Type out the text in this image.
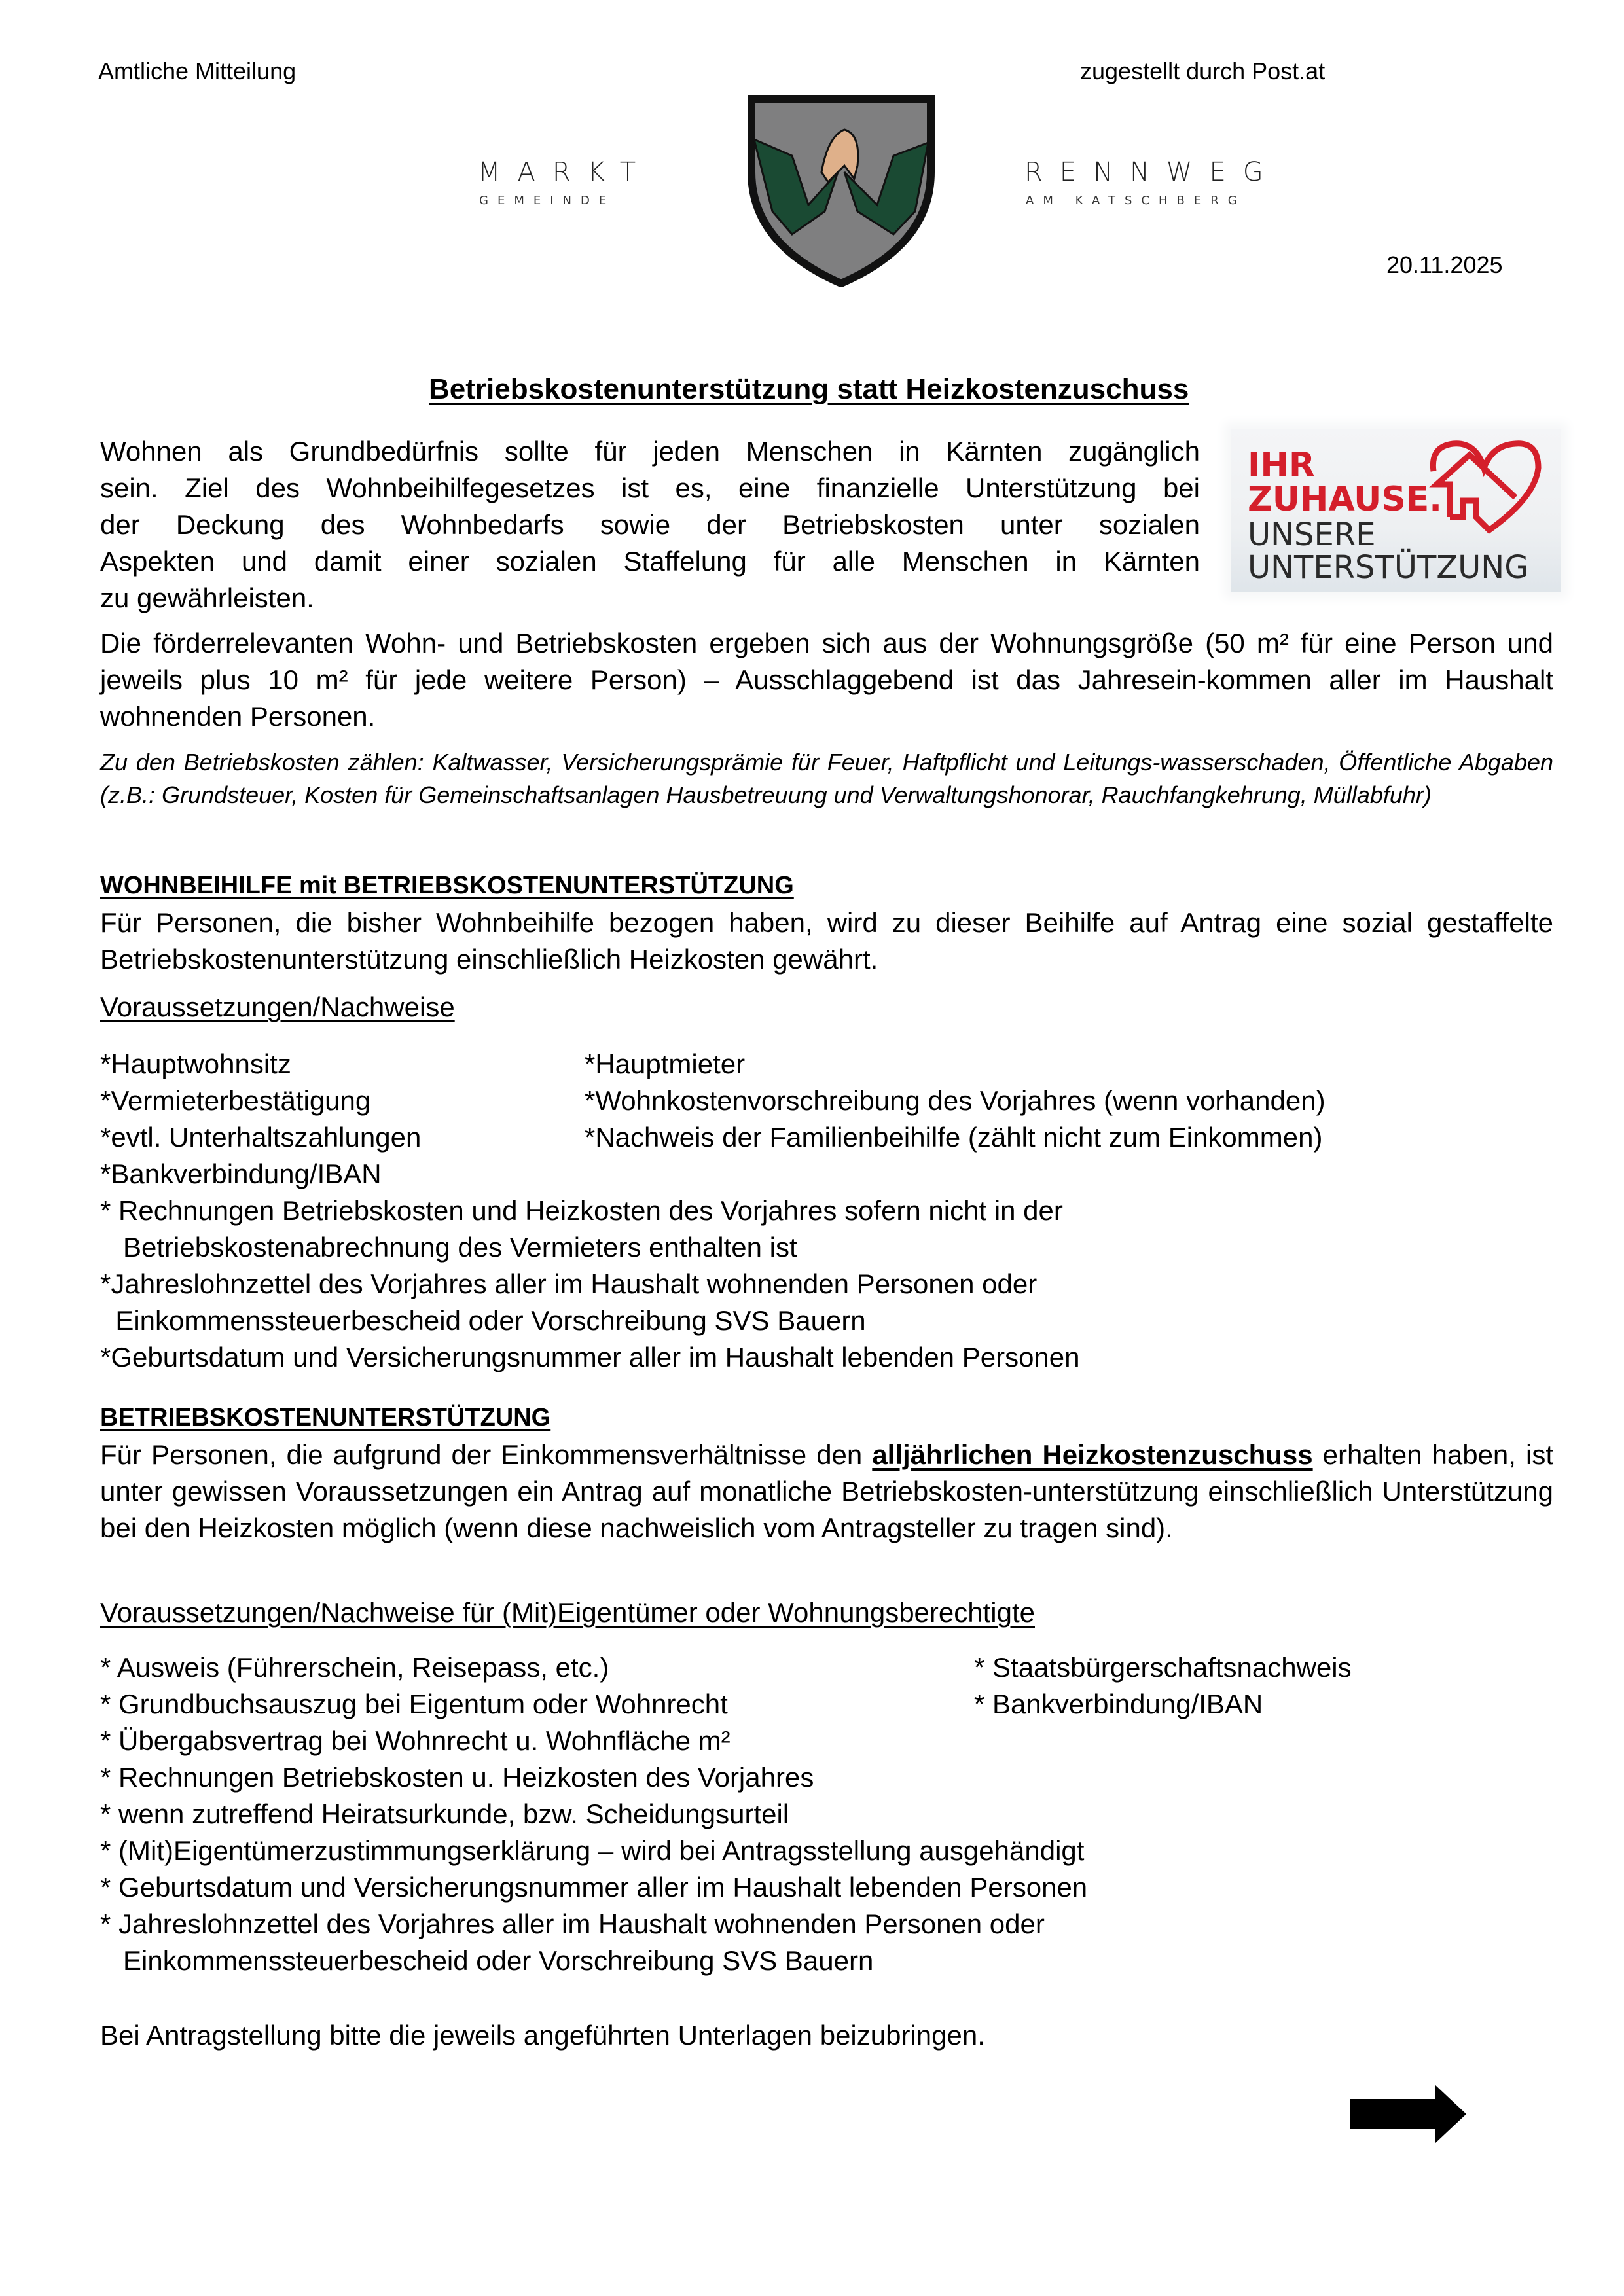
Amtliche Mitteilung	zugestellt durch Post.at
MARKT
GEMEINDE
RENNWEG
AM KATSCHBERG
20.11.2025
Betriebskostenunterstützung statt Heizkostenzuschuss
Wohnen als Grundbedürfnis sollte für jeden Menschen in Kärnten zugänglich
sein. Ziel des Wohnbeihilfegesetzes ist es, eine finanzielle Unterstützung bei
der Deckung des Wohnbedarfs sowie der Betriebskosten unter sozialen
Aspekten und damit einer sozialen Staffelung für alle Menschen in Kärnten
zu gewährleisten.
IHR
ZUHAUSE.
UNSERE
UNTERSTÜTZUNG
Die förderrelevanten Wohn- und Betriebskosten ergeben sich aus der Wohnungsgröße (50 m² für eine Person und jeweils plus 10 m² für jede weitere Person) – Ausschlaggebend ist das Jahresein-kommen aller im Haushalt wohnenden Personen.
Zu den Betriebskosten zählen: Kaltwasser, Versicherungsprämie für Feuer, Haftpflicht und Leitungs-wasserschaden, Öffentliche Abgaben (z.B.: Grundsteuer, Kosten für Gemeinschaftsanlagen Hausbetreuung und Verwaltungshonorar, Rauchfangkehrung, Müllabfuhr)
WOHNBEIHILFE mit BETRIEBSKOSTENUNTERSTÜTZUNG
Für Personen, die bisher Wohnbeihilfe bezogen haben, wird zu dieser Beihilfe auf Antrag eine sozial gestaffelte Betriebskostenunterstützung einschließlich Heizkosten gewährt.
Voraussetzungen/Nachweise
*Hauptwohnsitz	*Hauptmieter
*Vermieterbestätigung	*Wohnkostenvorschreibung des Vorjahres (wenn vorhanden)
*evtl. Unterhaltszahlungen	*Nachweis der Familienbeihilfe (zählt nicht zum Einkommen)
*Bankverbindung/IBAN
* Rechnungen Betriebskosten und Heizkosten des Vorjahres sofern nicht in der
Betriebskostenabrechnung des Vermieters enthalten ist
*Jahreslohnzettel des Vorjahres aller im Haushalt wohnenden Personen oder
Einkommenssteuerbescheid oder Vorschreibung SVS Bauern
*Geburtsdatum und Versicherungsnummer aller im Haushalt lebenden Personen
BETRIEBSKOSTENUNTERSTÜTZUNG
Für Personen, die aufgrund der Einkommensverhältnisse den alljährlichen Heizkostenzuschuss erhalten haben, ist unter gewissen Voraussetzungen ein Antrag auf monatliche Betriebskosten-unterstützung einschließlich Unterstützung bei den Heizkosten möglich (wenn diese nachweislich vom Antragsteller zu tragen sind).
Voraussetzungen/Nachweise für (Mit)Eigentümer oder Wohnungsberechtigte
* Ausweis (Führerschein, Reisepass, etc.)	* Staatsbürgerschaftsnachweis
* Grundbuchsauszug bei Eigentum oder Wohnrecht	* Bankverbindung/IBAN
* Übergabsvertrag bei Wohnrecht u. Wohnfläche m²
* Rechnungen Betriebskosten u. Heizkosten des Vorjahres
* wenn zutreffend Heiratsurkunde, bzw. Scheidungsurteil
* (Mit)Eigentümerzustimmungserklärung – wird bei Antragsstellung ausgehändigt
* Geburtsdatum und Versicherungsnummer aller im Haushalt lebenden Personen
* Jahreslohnzettel des Vorjahres aller im Haushalt wohnenden Personen oder
Einkommenssteuerbescheid oder Vorschreibung SVS Bauern
Bei Antragstellung bitte die jeweils angeführten Unterlagen beizubringen.
